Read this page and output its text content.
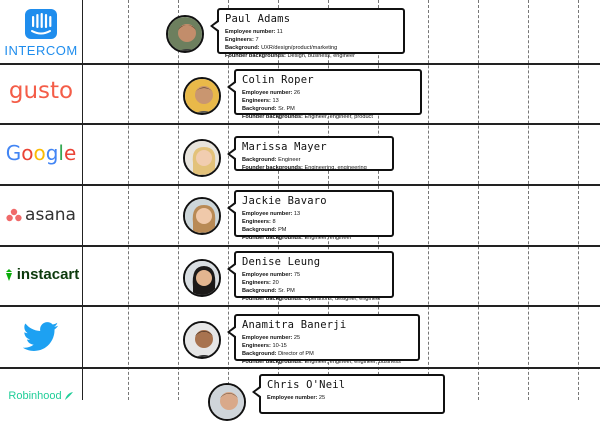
INTERCOM
Paul Adams
Employee number: 11
Engineers: 7
Background: UXR/design/product/marketing
Founder backgrounds: Design, business, engineer
gusto	Colin Roper
Employee number: 26
Engineers: 13
Background: Sr. PM
Founder backgrounds: Engineer, engineer, product
Google	Marissa Mayer
Background: Engineer
Founder backgrounds: Engineering, engineering
asana
Jackie Bavaro
Employee number: 13
Engineers: 8
Background: PM
Founder backgrounds: Engineer, engineer
instacart
Denise Leung
Employee number: 75
Engineers: 20
Background: Sr. PM
Founder backgrounds: Operations, designer, engineer
Anamitra Banerji
Employee number: 25
Engineers: 10-15
Background: Director of PM
Founder backgrounds: Engineer, engineer, engineer, business
Robinhood
Chris O'Neil
Employee number: 25
